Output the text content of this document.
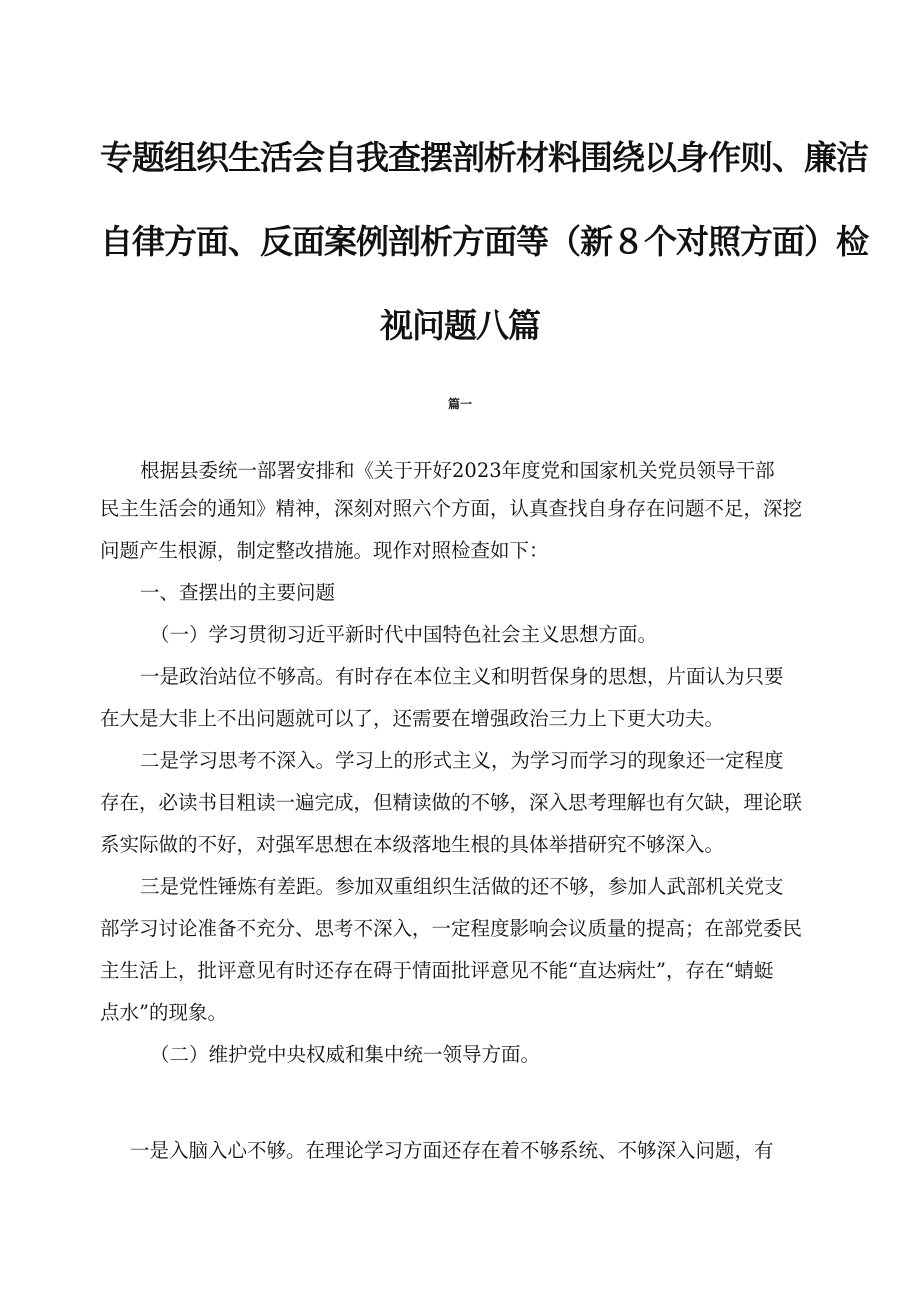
专题组织生活会自我查摆剖析材料围绕以身作则、廉洁
自律方面、反面案例剖析方面等（新８个对照方面）检
视问题八篇
篇一
根据县委统一部署安排和《关于开好2023年度党和国家机关党员领导干部
民主生活会的通知》精神，深刻对照六个方面，认真查找自身存在问题不足，深挖
问题产生根源，制定整改措施。现作对照检查如下：
一、查摆出的主要问题
（一）学习贯彻习近平新时代中国特色社会主义思想方面。
一是政治站位不够高。有时存在本位主义和明哲保身的思想，片面认为只要
在大是大非上不出问题就可以了，还需要在增强政治三力上下更大功夫。
二是学习思考不深入。学习上的形式主义，为学习而学习的现象还一定程度
存在，必读书目粗读一遍完成，但精读做的不够，深入思考理解也有欠缺，理论联
系实际做的不好，对强军思想在本级落地生根的具体举措研究不够深入。
三是党性锤炼有差距。参加双重组织生活做的还不够，参加人武部机关党支
部学习讨论准备不充分、思考不深入，一定程度影响会议质量的提高；在部党委民
主生活上，批评意见有时还存在碍于情面批评意见不能“直达病灶”，存在“蜻蜓
点水”的现象。
（二）维护党中央权威和集中统一领导方面。
一是入脑入心不够。在理论学习方面还存在着不够系统、不够深入问题，有
